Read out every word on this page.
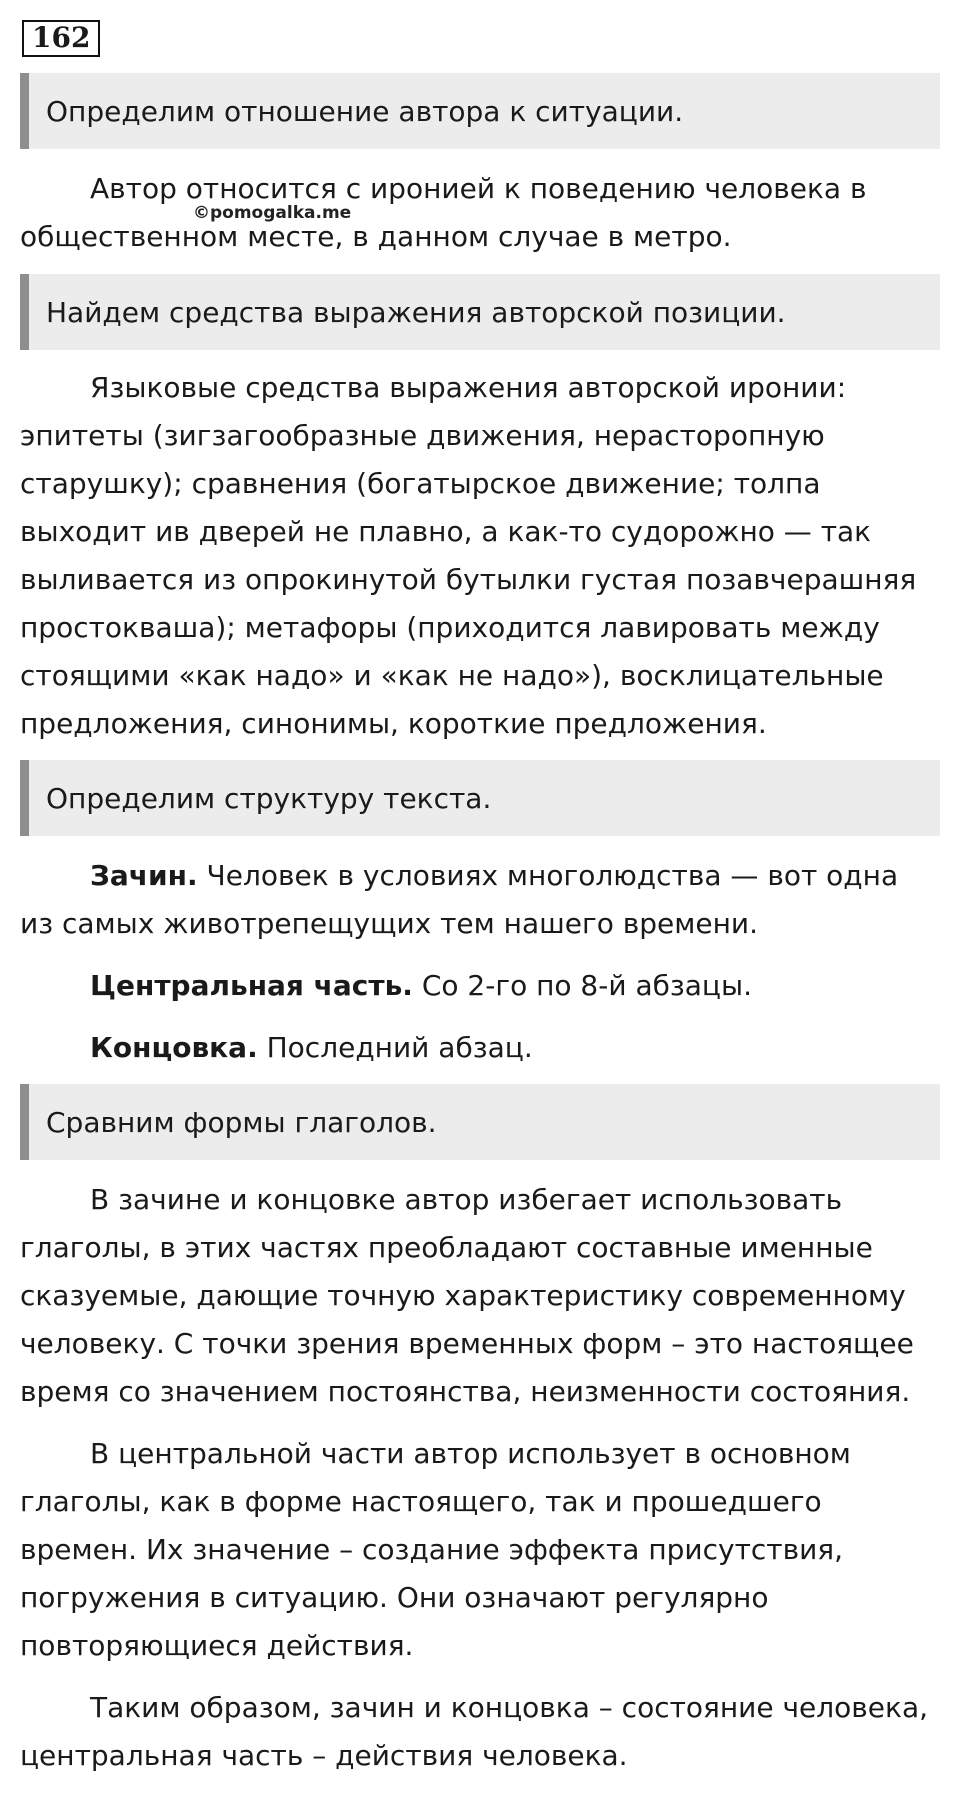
162
Определим отношение автора к ситуации.

Автор относится с иронией к поведению человека в общественном месте, в данном случае в метро.

Найдем средства выражения авторской позиции.

Языковые средства выражения авторской иронии: эпитеты (зигзагообразные движения, нерасторопную старушку); сравнения (богатырское движение; толпа выходит ив дверей не плавно, а как-то судорожно — так выливается из опрокинутой бутылки густая позавчерашняя простокваша); метафоры (приходится лавировать между стоящими «как надо» и «как не надо»), восклицательные предложения, синонимы, короткие предложения.

Определим структуру текста.

Зачин. Человек в условиях многолюдства — вот одна из самых животрепещущих тем нашего времени.

Центральная часть. Со 2-го по 8-й абзацы.

Концовка. Последний абзац.

Сравним формы глаголов.

В зачине и концовке автор избегает использовать глаголы, в этих частях преобладают составные именные сказуемые, дающие точную характеристику современному человеку. С точки зрения временных форм – это настоящее время со значением постоянства, неизменности состояния.

В центральной части автор использует в основном глаголы, как в форме настоящего, так и прошедшего времен. Их значение – создание эффекта присутствия, погружения в ситуацию. Они означают регулярно повторяющиеся действия.

Таким образом, зачин и концовка – состояние человека, центральная часть – действия человека.

©pomogalka.me
